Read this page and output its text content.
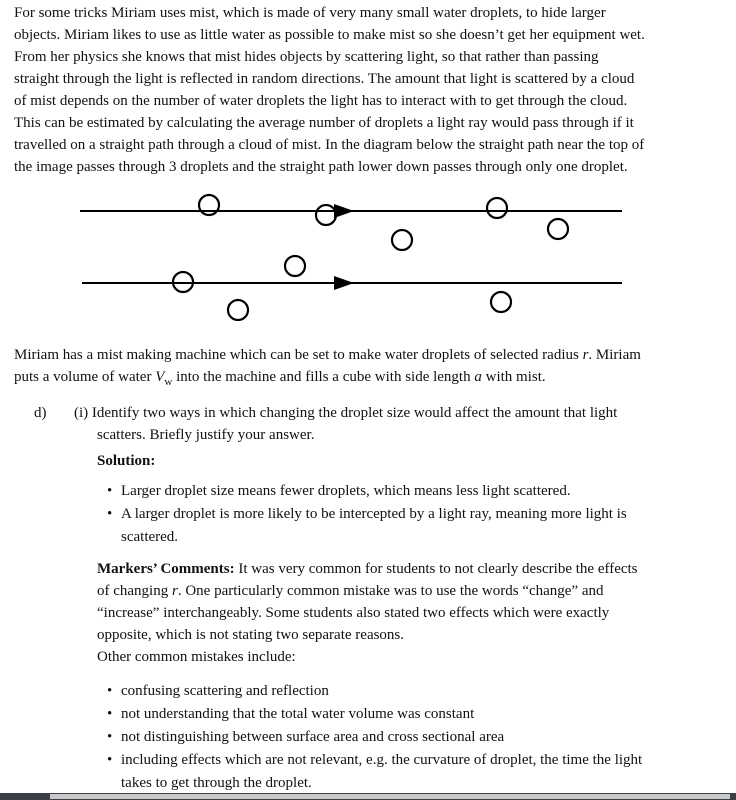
For some tricks Miriam uses mist, which is made of very many small water droplets, to hide larger

objects. Miriam likes to use as little water as possible to make mist so she doesn’t get her equipment wet.

From her physics she knows that mist hides objects by scattering light, so that rather than passing

straight through the light is reflected in random directions. The amount that light is scattered by a cloud

of mist depends on the number of water droplets the light has to interact with to get through the cloud.

This can be estimated by calculating the average number of droplets a light ray would pass through if it

travelled on a straight path through a cloud of mist. In the diagram below the straight path near the top of

the image passes through 3 droplets and the straight path lower down passes through only one droplet.

Miriam has a mist making machine which can be set to make water droplets of selected radius r. Miriam

puts a volume of water $V_w$ into the machine and fills a cube with side length a with mist.

d) (i) Identify two ways in which changing the droplet size would affect the amount that light

scatters. Briefly justify your answer.

Solution:
• Larger droplet size means fewer droplets, which means less light scattered.
• A larger droplet is more likely to be intercepted by a light ray, meaning more light is
scattered.

Markers’ Comments: It was very common for students to not clearly describe the effects

of changing r. One particularly common mistake was to use the words “change” and

“increase” interchangeably. Some students also stated two effects which were exactly

opposite, which is not stating two separate reasons.

Other common mistakes include:

• confusing scattering and reflection
• not understanding that the total water volume was constant
• not distinguishing between surface area and cross sectional area
• including effects which are not relevant, e.g. the curvature of droplet, the time the light
takes to get through the droplet.
